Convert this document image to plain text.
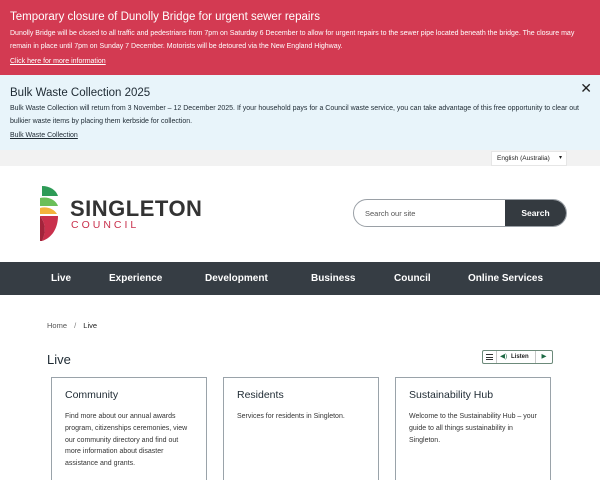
Temporary closure of Dunolly Bridge for urgent sewer repairs
Dunolly Bridge will be closed to all traffic and pedestrians from 7pm on Saturday 6 December to allow for urgent repairs to the sewer pipe located beneath the bridge. The closure may remain in place until 7pm on Sunday 7 December. Motorists will be detoured via the New England Highway.
Click here for more information
Bulk Waste Collection 2025
Bulk Waste Collection will return from 3 November – 12 December 2025. If your household pays for a Council waste service, you can take advantage of this free opportunity to clear out bulkier waste items by placing them kerbside for collection.
Bulk Waste Collection
✕
English (Australia) ▾
SINGLETON
COUNCIL
Search our site
Search
Live	Experience	Development	Business	Council	Online Services
Home / Live
Live	◀) Listen	▶
Community
Find more about our annual awards program, citizenships ceremonies, view our community directory and find out more information about disaster assistance and grants.
Residents
Services for residents in Singleton.
Sustainability Hub
Welcome to the Sustainability Hub – your guide to all things sustainability in Singleton.
